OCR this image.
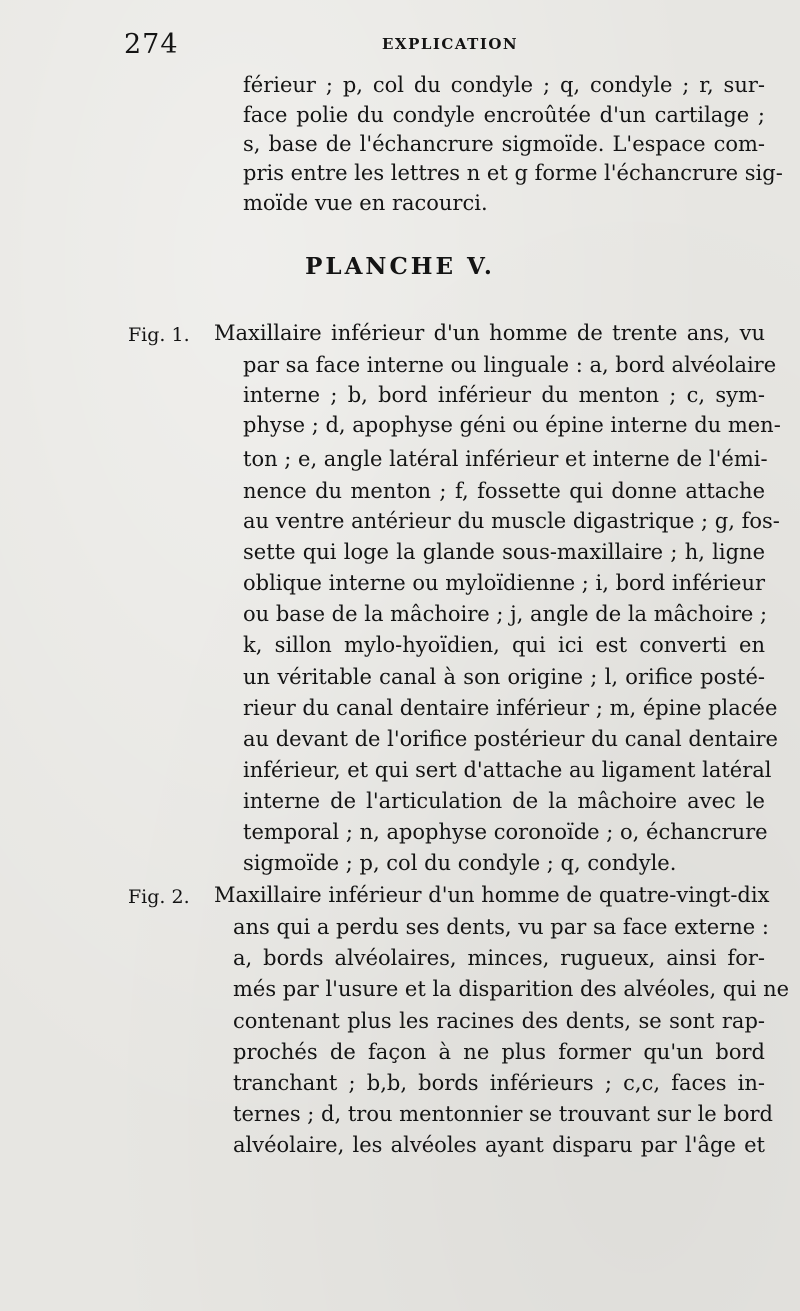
274	EXPLICATION
férieur ; p, col du condyle ; q, condyle ; r, sur-
face polie du condyle encroûtée d'un cartilage ;
s, base de l'échancrure sigmoïde. L'espace com-
pris entre les lettres n et g forme l'échancrure sig-
moïde vue en racourci.
PLANCHE V.
Fig. 1. Maxillaire inférieur d'un homme de trente ans, vu
par sa face interne ou linguale : a, bord alvéolaire
interne ; b, bord inférieur du menton ; c, sym-
physe ; d, apophyse géni ou épine interne du men-
ton ; e, angle latéral inférieur et interne de l'émi-
nence du menton ; f, fossette qui donne attache
au ventre antérieur du muscle digastrique ; g, fos-
sette qui loge la glande sous-maxillaire ; h, ligne
oblique interne ou myloïdienne ; i, bord inférieur
ou base de la mâchoire ; j, angle de la mâchoire ;
k, sillon mylo-hyoïdien, qui ici est converti en
un véritable canal à son origine ; l, orifice posté-
rieur du canal dentaire inférieur ; m, épine placée
au devant de l'orifice postérieur du canal dentaire
inférieur, et qui sert d'attache au ligament latéral
interne de l'articulation de la mâchoire avec le
temporal ; n, apophyse coronoïde ; o, échancrure
sigmoïde ; p, col du condyle ; q, condyle.
Fig. 2. Maxillaire inférieur d'un homme de quatre-vingt-dix
ans qui a perdu ses dents, vu par sa face externe :
a, bords alvéolaires, minces, rugueux, ainsi for-
més par l'usure et la disparition des alvéoles, qui ne
contenant plus les racines des dents, se sont rap-
prochés de façon à ne plus former qu'un bord
tranchant ; b,b, bords inférieurs ; c,c, faces in-
ternes ; d, trou mentonnier se trouvant sur le bord
alvéolaire, les alvéoles ayant disparu par l'âge et
